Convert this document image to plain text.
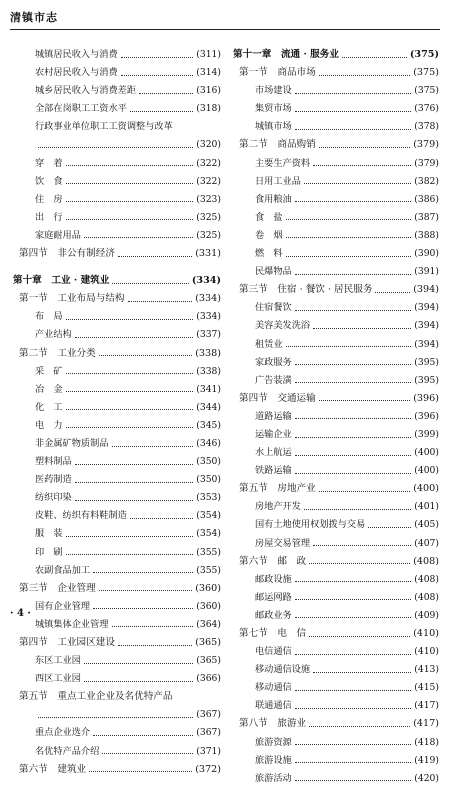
清镇市志
城镇居民收入与消费	(311)
农村居民收入与消费	(314)
城乡居民收入与消费差距	(316)
全部在岗职工工资水平	(318)
行政事业单位职工工资调整与改革
(320)
穿　着	(322)
饮　食	(322)
住　房	(323)
出　行	(325)
家庭耐用品	(325)
第四节　非公有制经济	(331)
第十章　工业 · 建筑业	(334)
第一节　工业布局与结构	(334)
布　局	(334)
产业结构	(337)
第二节　工业分类	(338)
采　矿	(338)
冶　金	(341)
化　工	(344)
电　力	(345)
非金属矿物质制品	(346)
塑料制品	(350)
医药制造	(350)
纺织印染	(353)
皮鞋、纺织有料鞋制造	(354)
服　装	(354)
印　刷	(355)
农副食品加工	(355)
第三节　企业管理	(360)
国有企业管理	(360)
城镇集体企业管理	(364)
第四节　工业园区建设	(365)
东区工业园	(365)
西区工业园	(366)
第五节　重点工业企业及名优特产品
(367)
重点企业选介	(367)
名优特产品介绍	(371)
第六节　建筑业	(372)
第十一章　流通 · 服务业	(375)
第一节　商品市场	(375)
市场建设	(375)
集贸市场	(376)
城镇市场	(378)
第二节　商品购销	(379)
主要生产资料	(379)
日用工业品	(382)
食用粮油	(386)
食　盐	(387)
卷　烟	(388)
燃　料	(390)
民爆物品	(391)
第三节　住宿 · 餐饮 · 居民服务	(394)
住宿餐饮	(394)
美容美发洗浴	(394)
租赁业	(394)
家政服务	(395)
广告装潢	(395)
第四节　交通运输	(396)
道路运输	(396)
运输企业	(399)
水上航运	(400)
铁路运输	(400)
第五节　房地产业	(400)
房地产开发	(401)
国有土地使用权划拨与交易	(405)
房屋交易管理	(407)
第六节　邮　政	(408)
邮政设施	(408)
邮运网路	(408)
邮政业务	(409)
第七节　电　信	(410)
电信通信	(410)
移动通信设施	(413)
移动通信	(415)
联通通信	(417)
第八节　旅游业	(417)
旅游资源	(418)
旅游设施	(419)
旅游活动	(420)
· 4 ·
